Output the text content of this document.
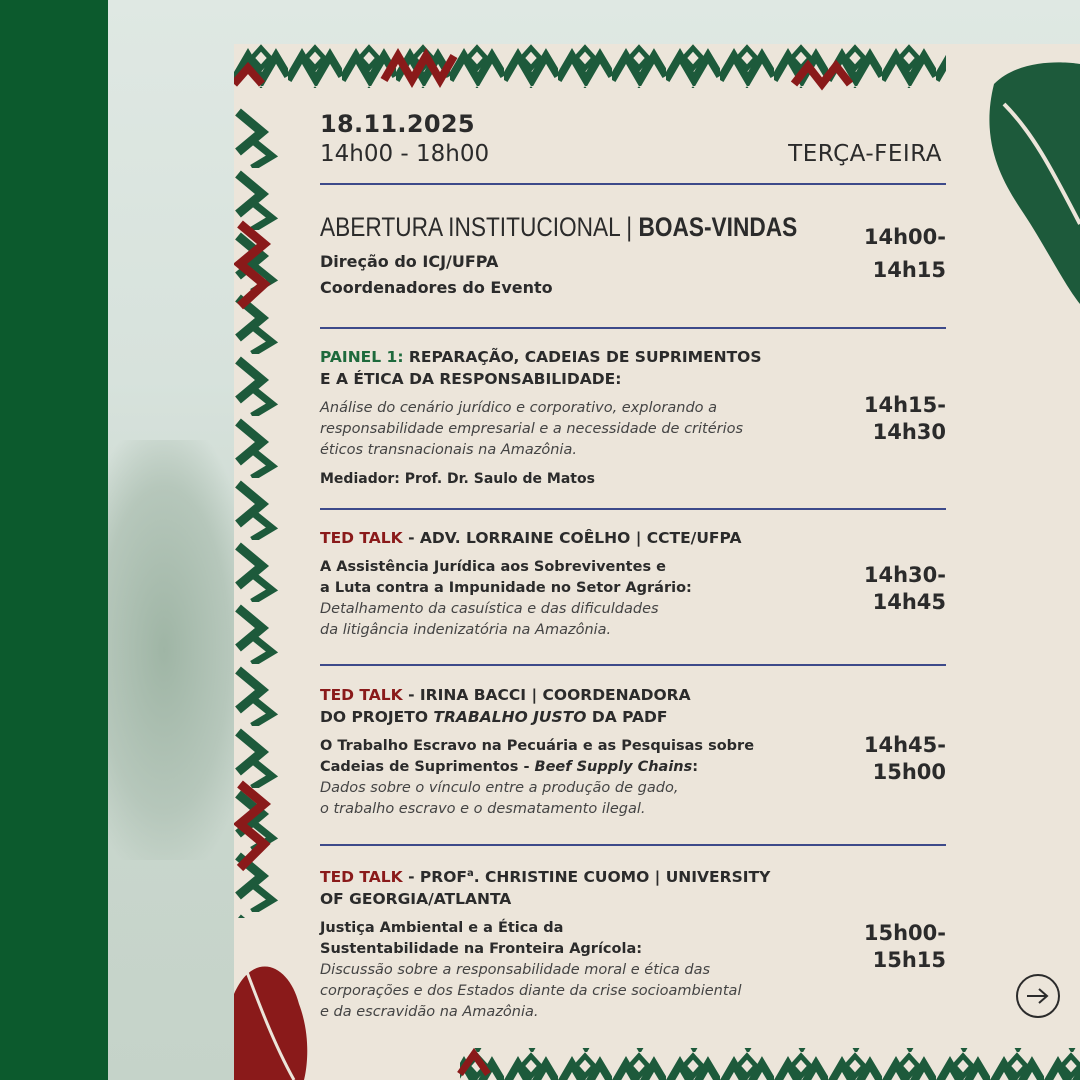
18.11.2025
14h00 - 18h00	TERÇA-FEIRA
ABERTURA INSTITUCIONAL | BOAS-VINDAS
Direção do ICJ/UFPA
Coordenadores do Evento
14h00-
14h15
PAINEL 1: REPARAÇÃO, CADEIAS DE SUPRIMENTOS
E A ÉTICA DA RESPONSABILIDADE:
Análise do cenário jurídico e corporativo, explorando a
responsabilidade empresarial e a necessidade de critérios
éticos transnacionais na Amazônia.
Mediador: Prof. Dr. Saulo de Matos
14h15-
14h30
TED TALK - ADV. LORRAINE COÊLHO | CCTE/UFPA
A Assistência Jurídica aos Sobreviventes e
a Luta contra a Impunidade no Setor Agrário:
Detalhamento da casuística e das dificuldades
da litigância indenizatória na Amazônia.
14h30-
14h45
TED TALK - IRINA BACCI | COORDENADORA
DO PROJETO TRABALHO JUSTO DA PADF
O Trabalho Escravo na Pecuária e as Pesquisas sobre
Cadeias de Suprimentos - Beef Supply Chains:
Dados sobre o vínculo entre a produção de gado,
o trabalho escravo e o desmatamento ilegal.
14h45-
15h00
TED TALK - PROF$^a$. CHRISTINE CUOMO | UNIVERSITY
OF GEORGIA/ATLANTA
Justiça Ambiental e a Ética da
Sustentabilidade na Fronteira Agrícola:
Discussão sobre a responsabilidade moral e ética das
corporações e dos Estados diante da crise socioambiental
e da escravidão na Amazônia.
15h00-
15h15
